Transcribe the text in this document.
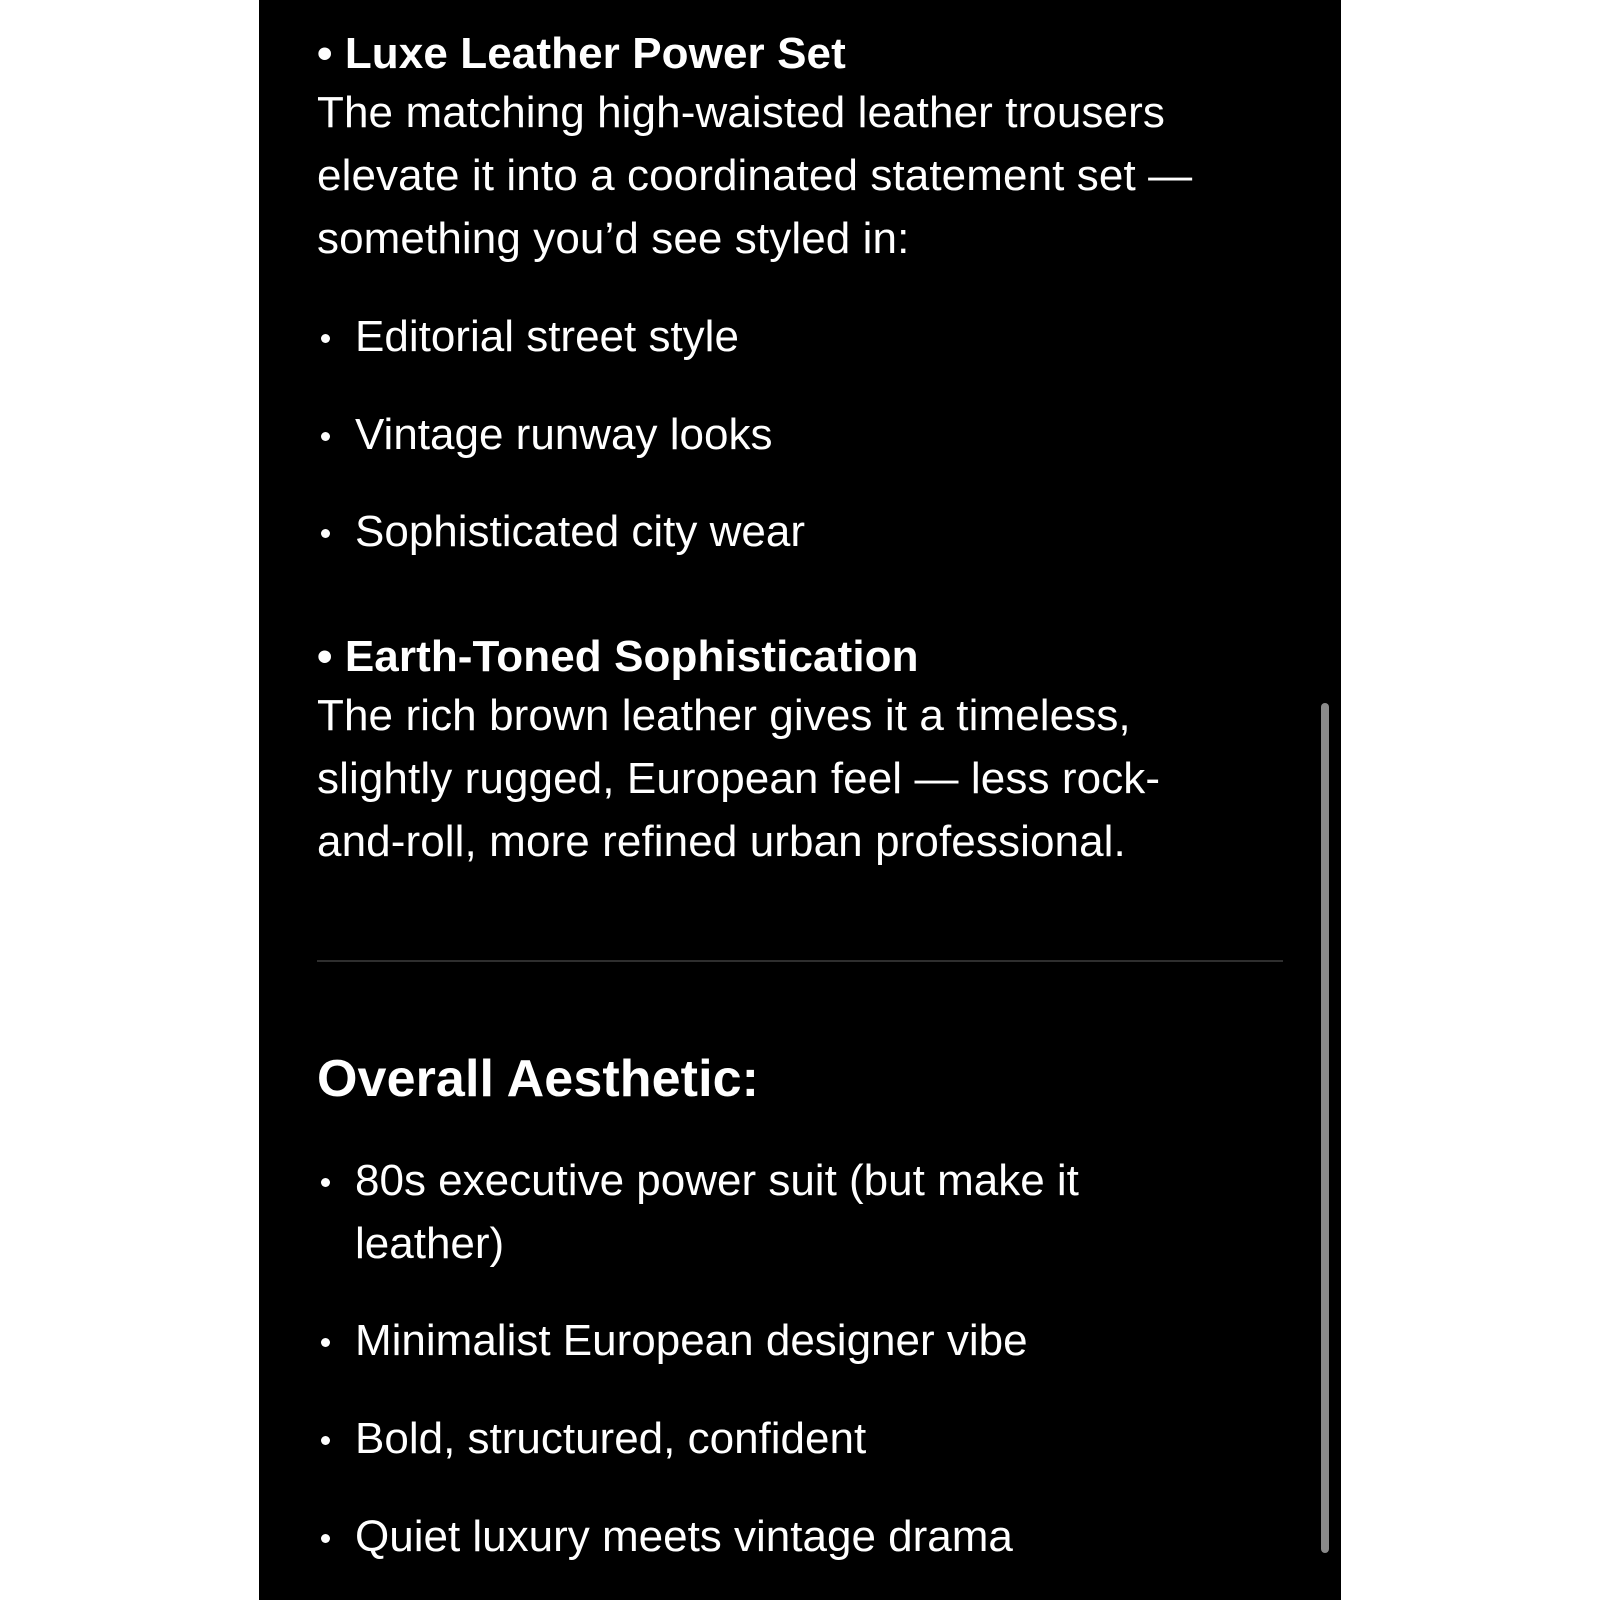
• Luxe Leather Power Set
The matching high-waisted leather trousers
elevate it into a coordinated statement set —
something you’d see styled in:
Editorial street style
Vintage runway looks
Sophisticated city wear
• Earth-Toned Sophistication
The rich brown leather gives it a timeless,
slightly rugged, European feel — less rock-
and-roll, more refined urban professional.
Overall Aesthetic:
80s executive power suit (but make it
leather)
Minimalist European designer vibe
Bold, structured, confident
Quiet luxury meets vintage drama
